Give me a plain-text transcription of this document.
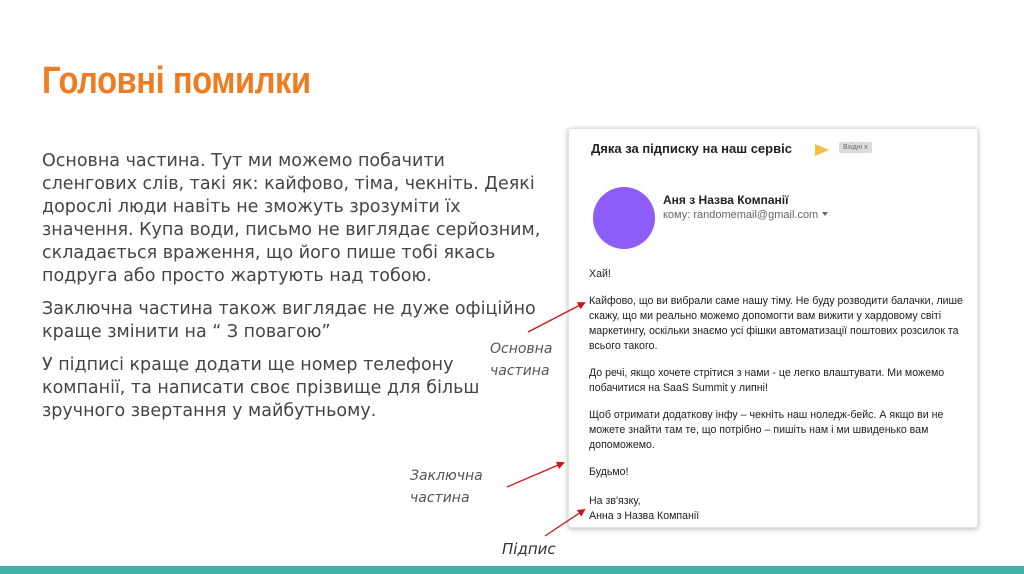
Головні помилки

Основна частина. Тут ми можемо побачити сленгових слів, такі як: кайфово, тіма, чекніть. Деякі дорослі люди навіть не зможуть зрозуміти їх значення. Купа води, письмо не виглядає серйозним, складається враження, що його пише тобі якась подруга або просто жартують над тобою.

Заключна частина також виглядає не дуже офіційно краще змінити на “ З повагою”

У підписі краще додати ще номер телефону компанії, та написати своє прізвище для більш зручного звертання у майбутньому.

Дяка за підписку на наш сервіс	Вхідні x
Аня з Назва Компанії
кому: randomemail@gmail.com

Хай!

Кайфово, що ви вибрали саме нашу тіму. Не буду розводити балачки, лише скажу, що ми реально можемо допомогти вам вижити у хардовому світі маркетингу, оскільки знаємо усі фішки автоматизації поштових розсилок та всього такого.

До речі, якщо хочете стрітися з нами - це легко влаштувати. Ми можемо побачитися на SaaS Summit у липні!

Щоб отримати додаткову інфу – чекніть наш ноледж-бейс. А якщо ви не можете знайти там те, що потрібно – пишіть нам і ми швиденько вам допоможемо.

Будьмо!

На зв'язку,
Анна з Назва Компанії

Основна
частина
Заключна
частина
Підпис
